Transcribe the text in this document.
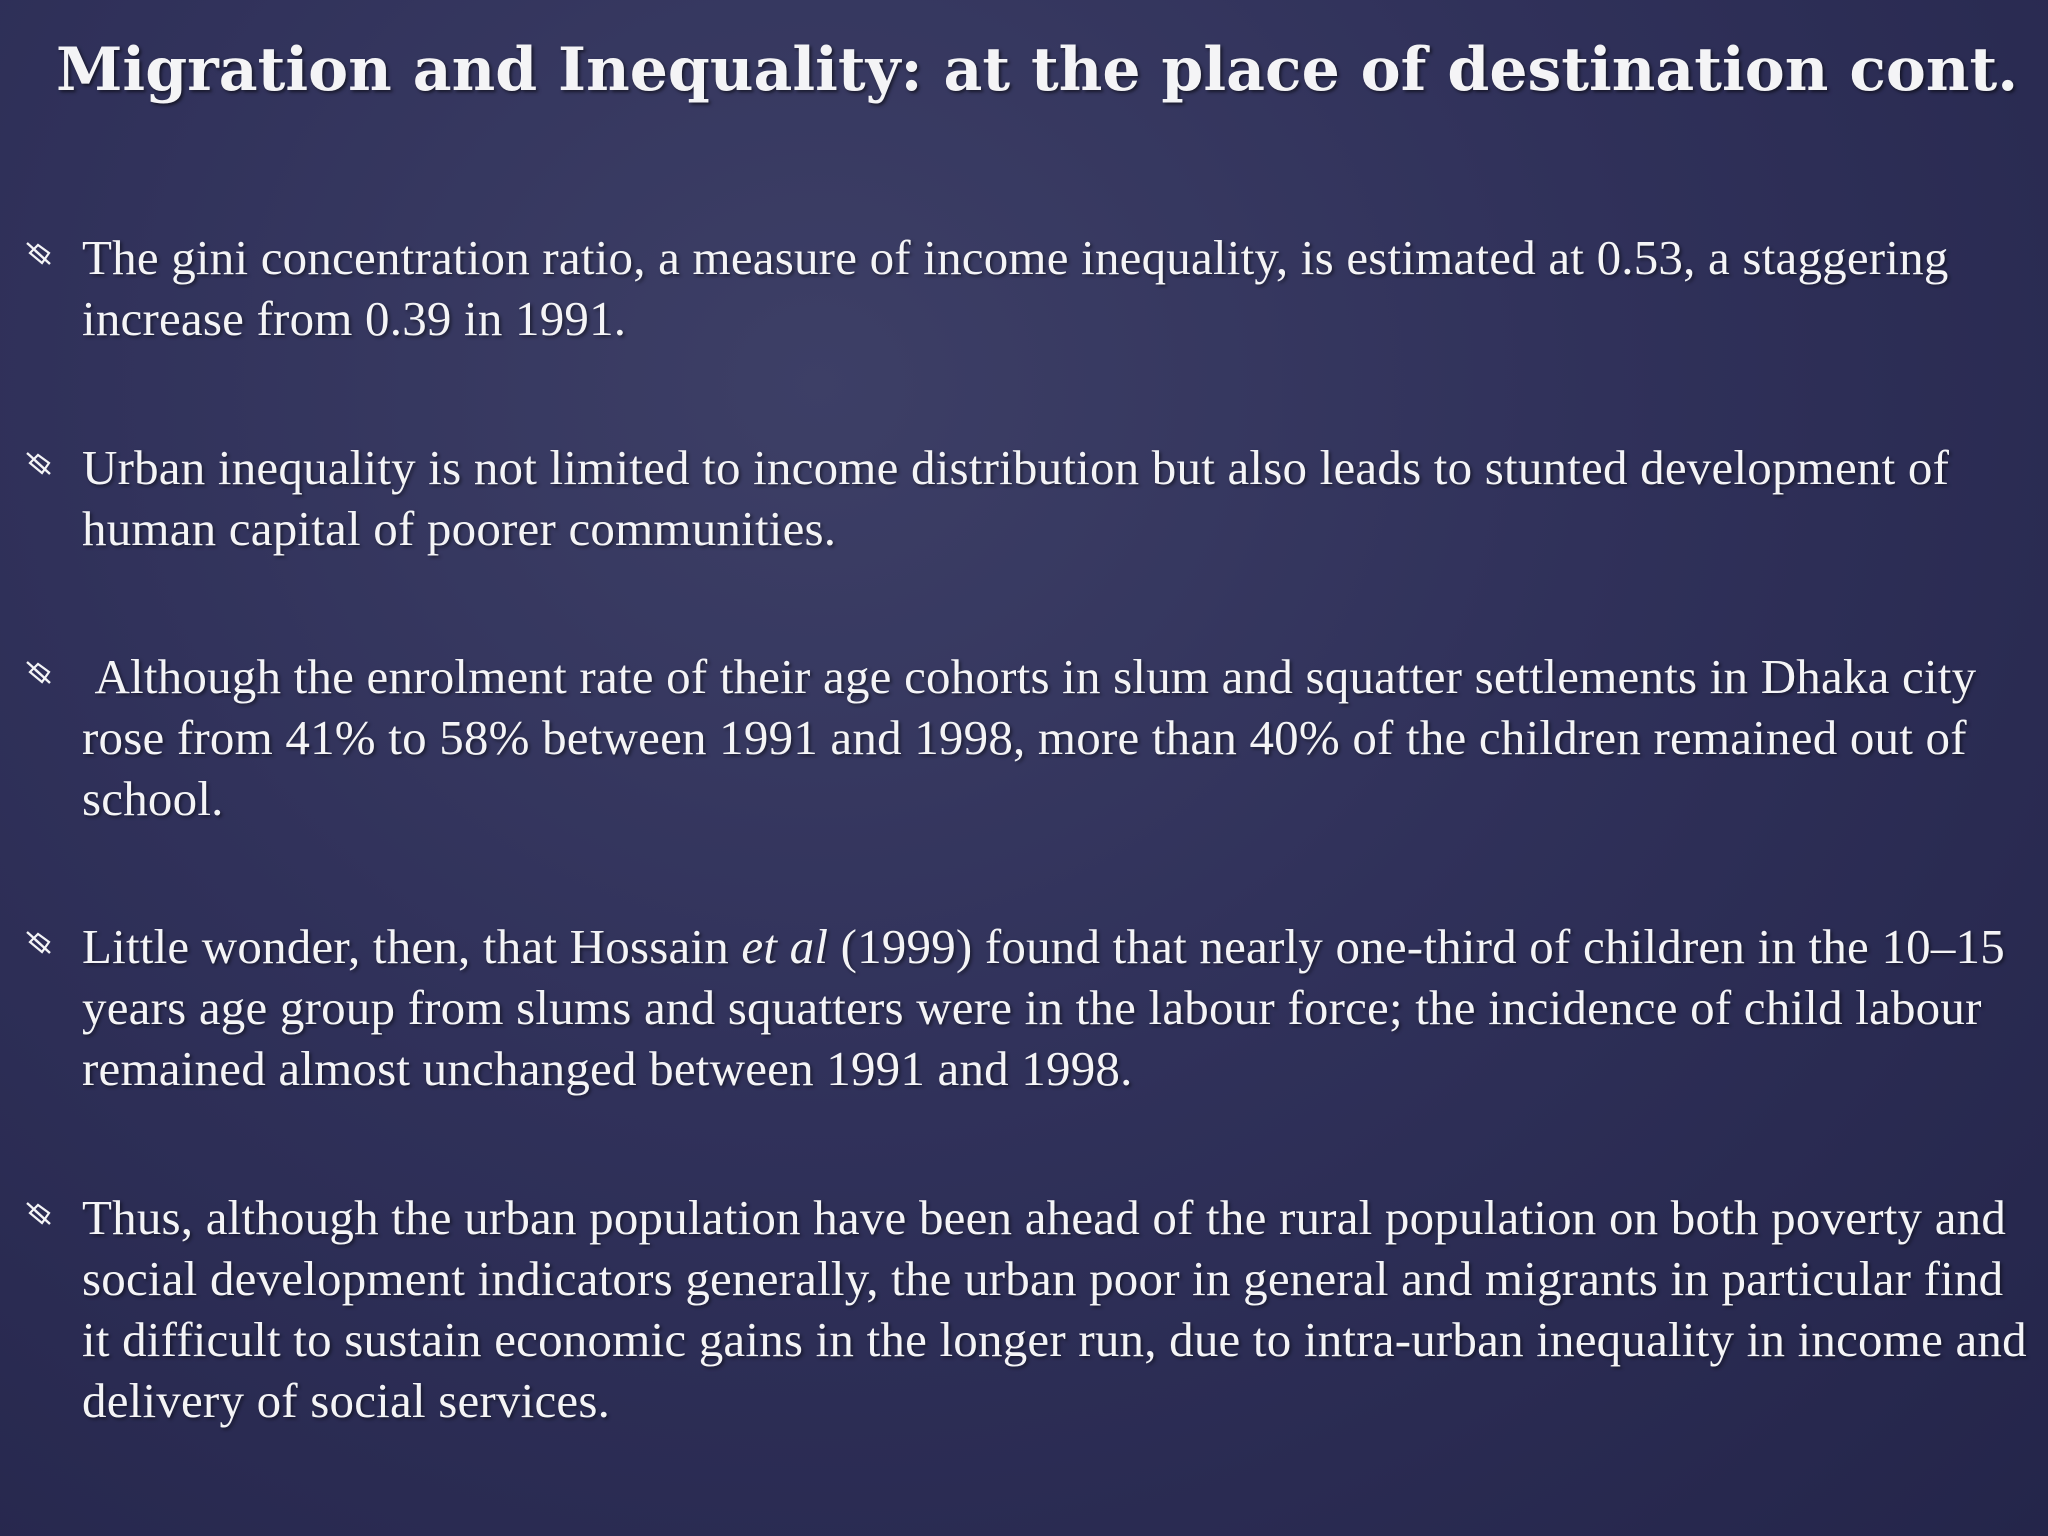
Migration and Inequality: at the place of destination cont.
The gini concentration ratio, a measure of income inequality, is estimated at 0.53, a staggering increase from 0.39 in 1991.
Urban inequality is not limited to income distribution but also leads to stunted development of human capital of poorer communities.
Although the enrolment rate of their age cohorts in slum and squatter settlements in Dhaka city rose from 41% to 58% between 1991 and 1998, more than 40% of the children remained out of school.
Little wonder, then, that Hossain et al (1999) found that nearly one-third of children in the 10–15 years age group from slums and squatters were in the labour force; the incidence of child labour remained almost unchanged between 1991 and 1998.
Thus, although the urban population have been ahead of the rural population on both poverty and social development indicators generally, the urban poor in general and migrants in particular find it difficult to sustain economic gains in the longer run, due to intra-urban inequality in income and delivery of social services.
